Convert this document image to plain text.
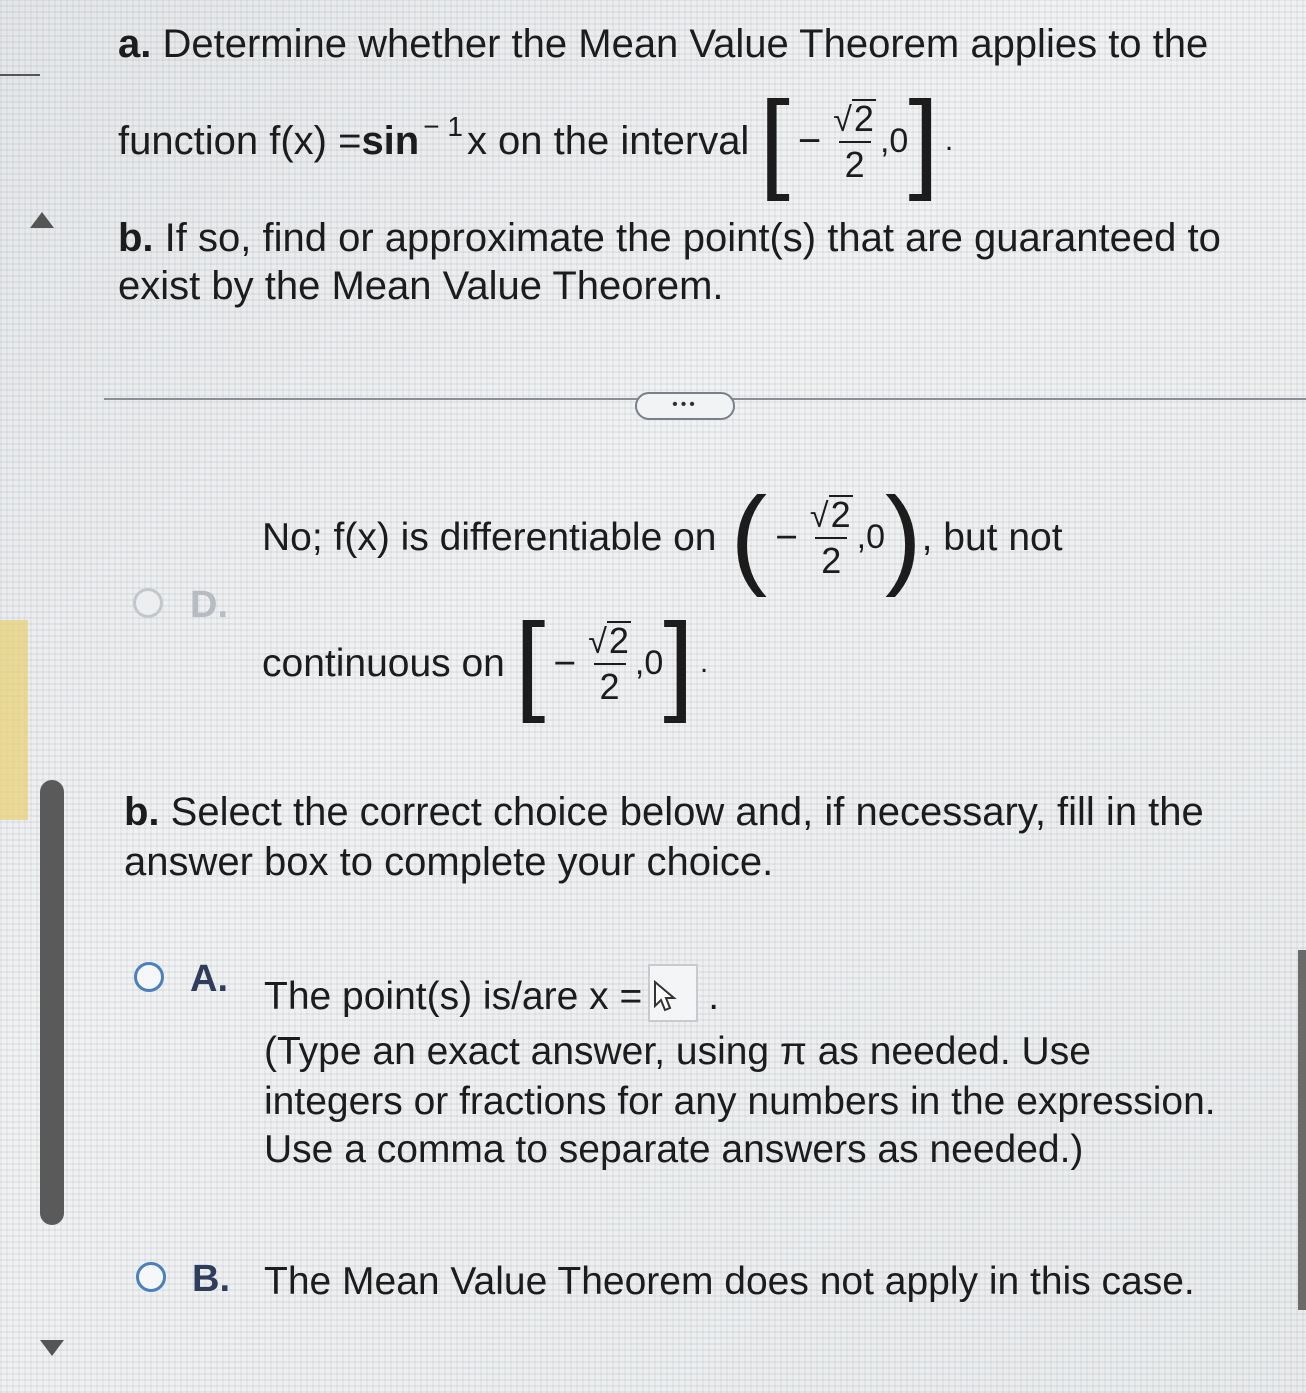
a. Determine whether the Mean Value Theorem applies to the
function $f(x) = \sin^{- 1} x$ on the interval [ − $\frac{√ 2}{2} ,0$ ] .
b. If so, find or approximate the point(s) that are guaranteed to
exist by the Mean Value Theorem.
•••
D.
No; f(x) is differentiable on ( − $\frac{√ 2}{2} ,0$ ) , but not
continuous on [ − $\frac{√ 2}{2} ,0$ ] .
b. Select the correct choice below and, if necessary, fill in the
answer box to complete your choice.
A. The point(s) is/are x = .
(Type an exact answer, using π as needed. Use
integers or fractions for any numbers in the expression.
Use a comma to separate answers as needed.)
B. The Mean Value Theorem does not apply in this case.
